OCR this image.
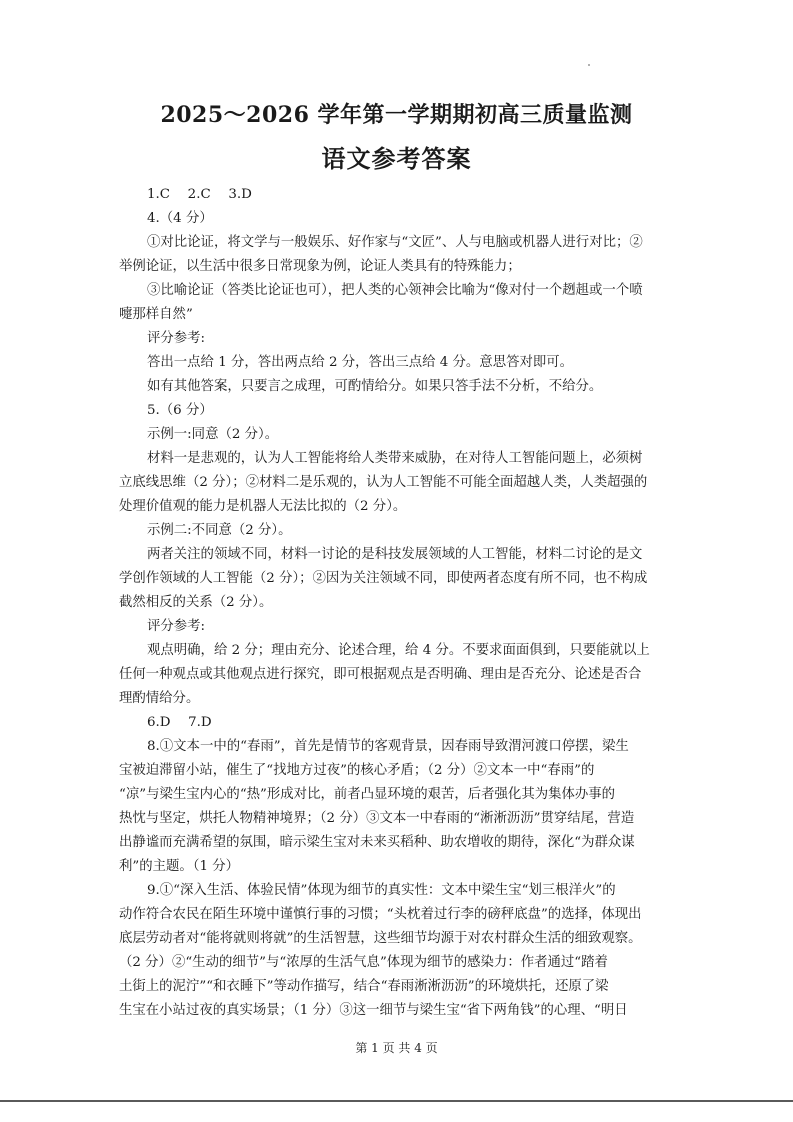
2025～2026 学年第一学期期初高三质量监测
语文参考答案

1.C　 2.C　 3.D

4.（4 分）

①对比论证，将文学与一般娱乐、好作家与“文匠”、人与电脑或机器人进行对比；②

举例论证，以生活中很多日常现象为例，论证人类具有的特殊能力；

③比喻论证（答类比论证也可），把人类的心领神会比喻为“像对付一个趔趄或一个喷

嚏那样自然”

评分参考:

答出一点给 1 分，答出两点给 2 分，答出三点给 4 分。意思答对即可。

如有其他答案，只要言之成理，可酌情给分。如果只答手法不分析，不给分。

5.（6 分）

示例一:同意（2 分）。

材料一是悲观的，认为人工智能将给人类带来威胁，在对待人工智能问题上，必须树

立底线思维（2 分）；②材料二是乐观的，认为人工智能不可能全面超越人类，人类超强的

处理价值观的能力是机器人无法比拟的（2 分）。

示例二:不同意（2 分）。

两者关注的领域不同，材料一讨论的是科技发展领域的人工智能，材料二讨论的是文

学创作领域的人工智能（2 分）；②因为关注领域不同，即使两者态度有所不同，也不构成

截然相反的关系（2 分）。

评分参考:

观点明确，给 2 分；理由充分、论述合理，给 4 分。不要求面面俱到，只要能就以上

任何一种观点或其他观点进行探究，即可根据观点是否明确、理由是否充分、论述是否合

理酌情给分。

6.D　 7.D

8.①文本一中的“春雨”，首先是情节的客观背景，因春雨导致渭河渡口停摆，梁生

宝被迫滞留小站，催生了“找地方过夜”的核心矛盾；（2 分）②文本一中“春雨”的

“凉”与梁生宝内心的“热”形成对比，前者凸显环境的艰苦，后者强化其为集体办事的

热忱与坚定，烘托人物精神境界；（2 分）③文本一中春雨的“淅淅沥沥”贯穿结尾，营造

出静谧而充满希望的氛围，暗示梁生宝对未来买稻种、助农增收的期待，深化“为群众谋

利”的主题。（1 分）

9.①“深入生活、体验民情”体现为细节的真实性：文本中梁生宝“划三根洋火”的

动作符合农民在陌生环境中谨慎行事的习惯；“头枕着过行李的磅秤底盘”的选择，体现出

底层劳动者对“能将就则将就”的生活智慧，这些细节均源于对农村群众生活的细致观察。

（2 分）②“生动的细节”与“浓厚的生活气息”体现为细节的感染力：作者通过“踏着

土街上的泥泞”“和衣睡下”等动作描写，结合“春雨淅淅沥沥”的环境烘托，还原了梁

生宝在小站过夜的真实场景；（1 分）③这一细节与梁生宝“省下两角钱”的心理、“明日

第 1 页 共 4 页
